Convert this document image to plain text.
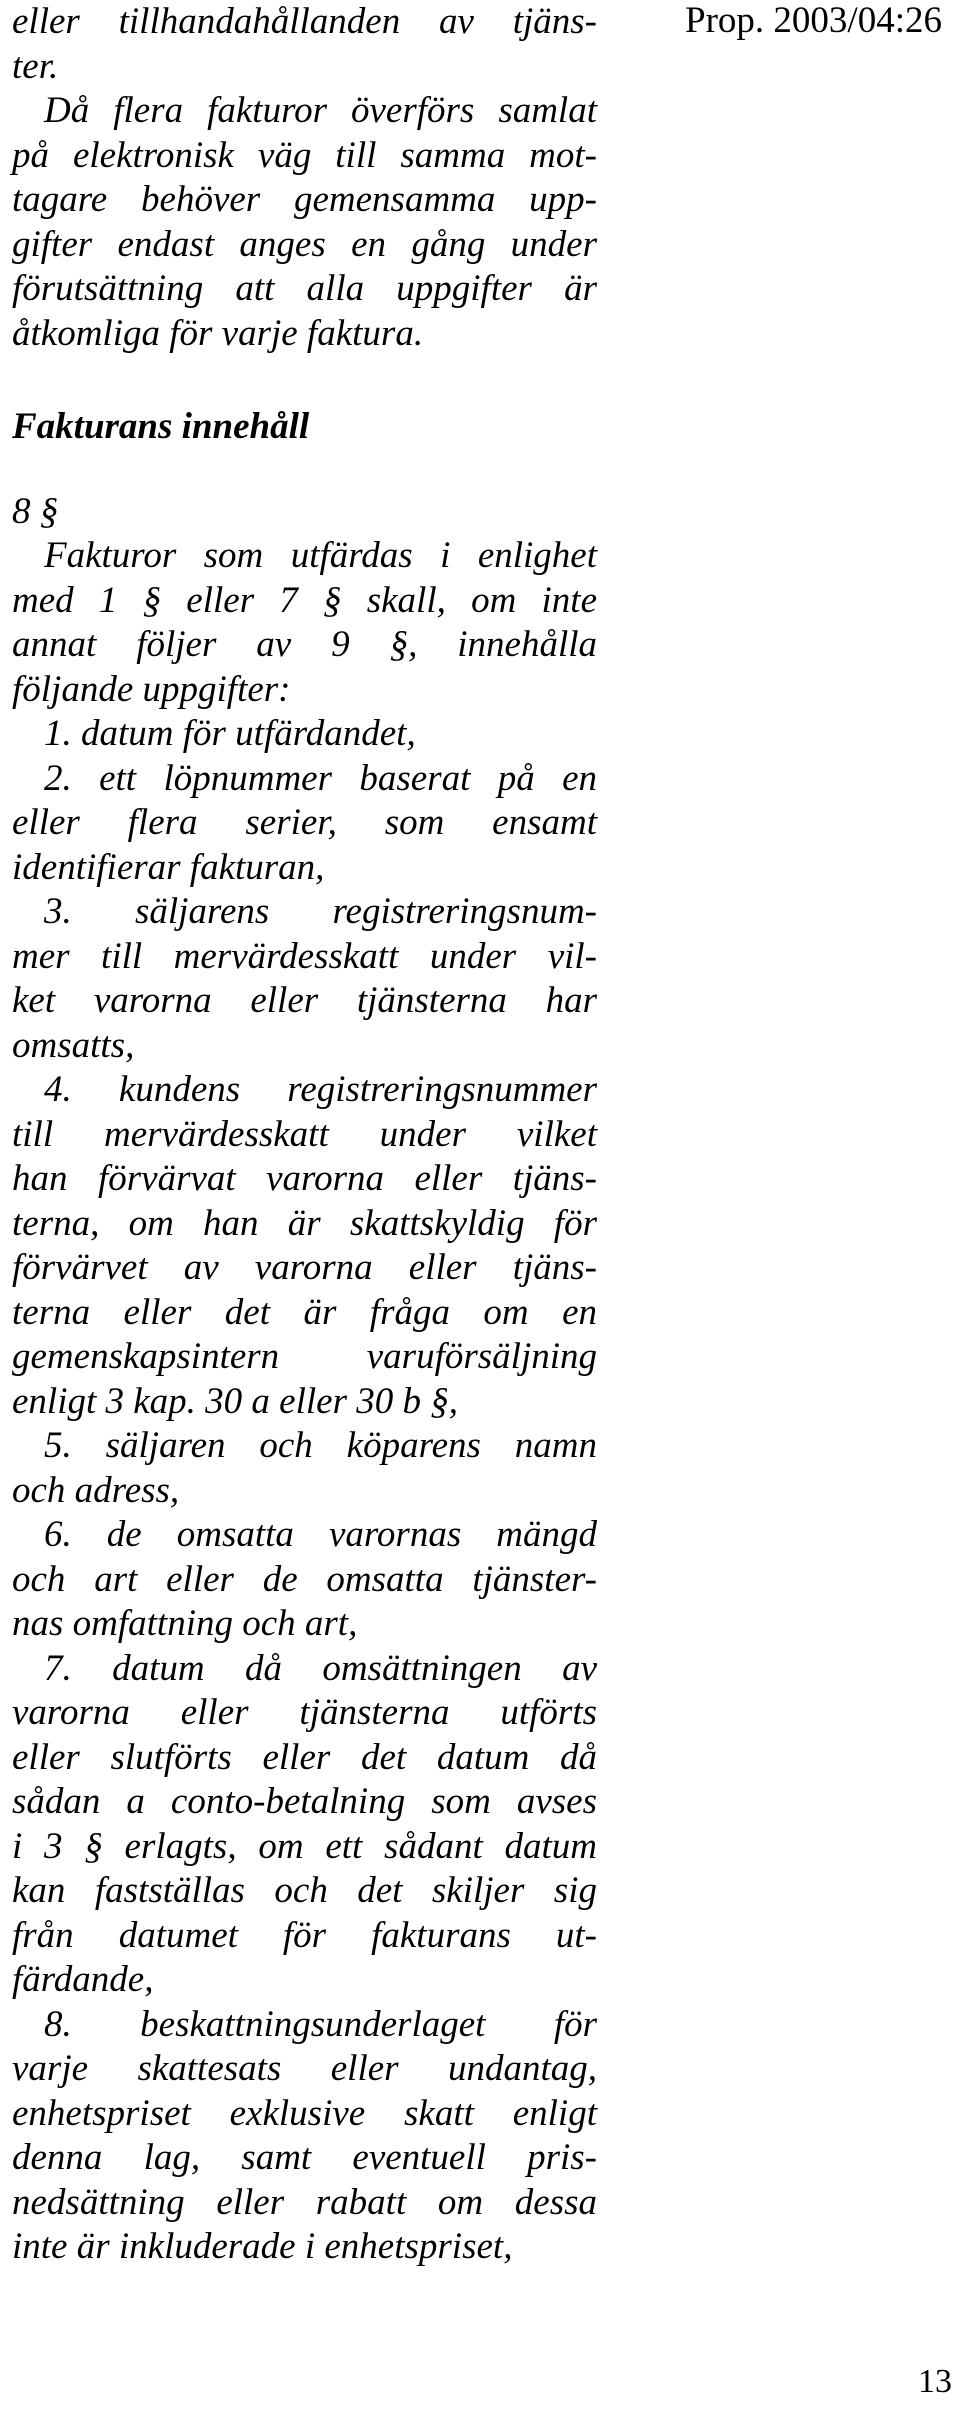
eller tillhandahållanden av tjäns-
ter.

Då flera fakturor överförs samlat
på elektronisk väg till samma mot-
tagare behöver gemensamma upp-
gifter endast anges en gång under
förutsättning att alla uppgifter är
åtkomliga för varje faktura.

Fakturans innehåll

8 §

Fakturor som utfärdas i enlighet
med 1 § eller 7 § skall, om inte
annat följer av 9 §, innehålla
följande uppgifter:

1. datum för utfärdandet,

2. ett löpnummer baserat på en
eller flera serier, som ensamt
identifierar fakturan,

3. säljarens registreringsnum-
mer till mervärdesskatt under vil-
ket varorna eller tjänsterna har
omsatts,

4. kundens registreringsnummer
till mervärdesskatt under vilket
han förvärvat varorna eller tjäns-
terna, om han är skattskyldig för
förvärvet av varorna eller tjäns-
terna eller det är fråga om en
gemenskapsintern varuförsäljning
enligt 3 kap. 30 a eller 30 b §,

5. säljaren och köparens namn
och adress,

6. de omsatta varornas mängd
och art eller de omsatta tjänster-
nas omfattning och art,

7. datum då omsättningen av
varorna eller tjänsterna utförts
eller slutförts eller det datum då
sådan a conto-betalning som avses
i 3 § erlagts, om ett sådant datum
kan fastställas och det skiljer sig
från datumet för fakturans ut-
färdande,

8. beskattningsunderlaget för
varje skattesats eller undantag,
enhetspriset exklusive skatt enligt
denna lag, samt eventuell pris-
nedsättning eller rabatt om dessa
inte är inkluderade i enhetspriset,

Prop. 2003/04:26
13
